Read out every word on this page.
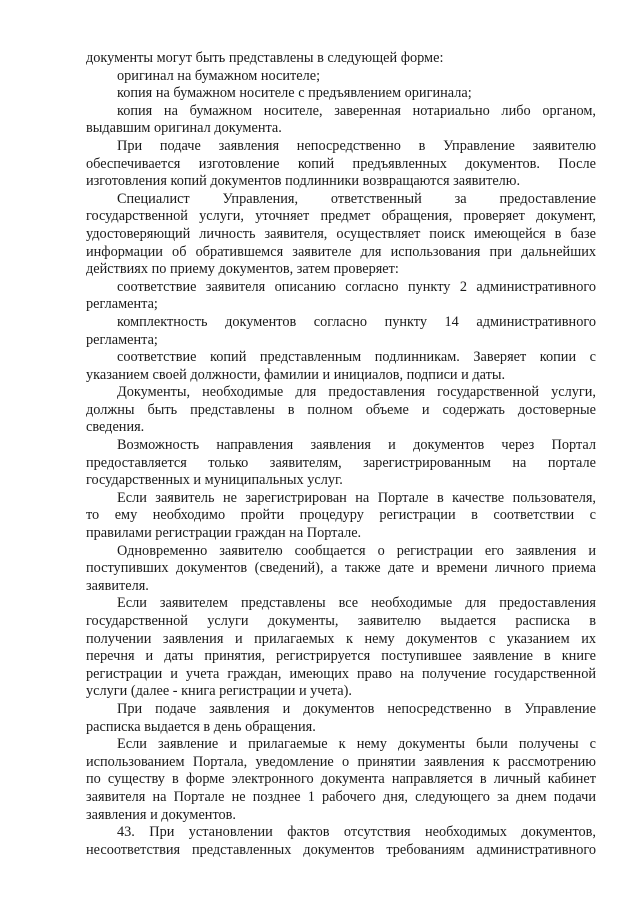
документы могут быть представлены в следующей форме:
оригинал на бумажном носителе;
копия на бумажном носителе с предъявлением оригинала;
копия на бумажном носителе, заверенная нотариально либо органом,
выдавшим оригинал документа.
При подаче заявления непосредственно в Управление заявителю
обеспечивается изготовление копий предъявленных документов. После
изготовления копий документов подлинники возвращаются заявителю.
Специалист Управления, ответственный за предоставление
государственной услуги, уточняет предмет обращения, проверяет документ,
удостоверяющий личность заявителя, осуществляет поиск имеющейся в базе
информации об обратившемся заявителе для использования при дальнейших
действиях по приему документов, затем проверяет:
соответствие заявителя описанию согласно пункту 2 административного
регламента;
комплектность документов согласно пункту 14 административного
регламента;
соответствие копий представленным подлинникам. Заверяет копии с
указанием своей должности, фамилии и инициалов, подписи и даты.
Документы, необходимые для предоставления государственной услуги,
должны быть представлены в полном объеме и содержать достоверные
сведения.
Возможность направления заявления и документов через Портал
предоставляется только заявителям, зарегистрированным на портале
государственных и муниципальных услуг.
Если заявитель не зарегистрирован на Портале в качестве пользователя,
то ему необходимо пройти процедуру регистрации в соответствии с
правилами регистрации граждан на Портале.
Одновременно заявителю сообщается о регистрации его заявления и
поступивших документов (сведений), а также дате и времени личного приема
заявителя.
Если заявителем представлены все необходимые для предоставления
государственной услуги документы, заявителю выдается расписка в
получении заявления и прилагаемых к нему документов с указанием их
перечня и даты принятия, регистрируется поступившее заявление в книге
регистрации и учета граждан, имеющих право на получение государственной
услуги (далее - книга регистрации и учета).
При подаче заявления и документов непосредственно в Управление
расписка выдается в день обращения.
Если заявление и прилагаемые к нему документы были получены с
использованием Портала, уведомление о принятии заявления к рассмотрению
по существу в форме электронного документа направляется в личный кабинет
заявителя на Портале не позднее 1 рабочего дня, следующего за днем подачи
заявления и документов.
43. При установлении фактов отсутствия необходимых документов,
несоответствия представленных документов требованиям административного
